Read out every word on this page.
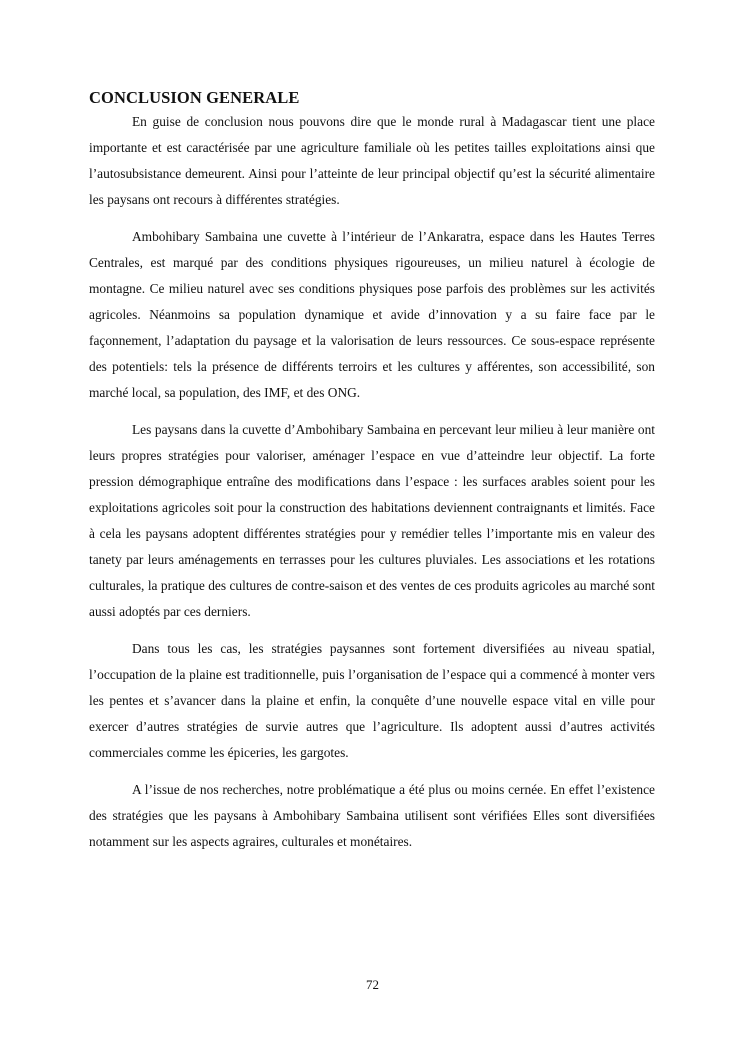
CONCLUSION GENERALE

En guise de conclusion nous pouvons dire que le monde rural à Madagascar tient une place importante et est caractérisée par une agriculture familiale où les petites tailles exploitations ainsi que l’autosubsistance demeurent. Ainsi pour l’atteinte de leur principal objectif qu’est la sécurité alimentaire les paysans ont recours à différentes stratégies.

Ambohibary Sambaina une cuvette à l’intérieur de l’Ankaratra, espace dans les Hautes Terres Centrales, est marqué par des conditions physiques rigoureuses, un milieu naturel à écologie de montagne. Ce milieu naturel avec ses conditions physiques pose parfois des problèmes sur les activités agricoles. Néanmoins sa population dynamique et avide d’innovation y a su faire face par le façonnement, l’adaptation du paysage et la valorisation de leurs ressources. Ce sous-espace représente des potentiels: tels la présence de différents terroirs et les cultures y afférentes, son accessibilité, son marché local, sa population, des IMF, et des ONG.

Les paysans dans la cuvette d’Ambohibary Sambaina en percevant leur milieu à leur manière ont leurs propres stratégies pour valoriser, aménager l’espace en vue d’atteindre leur objectif. La forte pression démographique entraîne des modifications dans l’espace : les surfaces arables soient pour les exploitations agricoles soit pour la construction des habitations deviennent contraignants et limités. Face à cela les paysans adoptent différentes stratégies pour y remédier telles l’importante mis en valeur des tanety par leurs aménagements en terrasses pour les cultures pluviales. Les associations et les rotations culturales, la pratique des cultures de contre-saison et des ventes de ces produits agricoles au marché sont aussi adoptés par ces derniers.

Dans tous les cas, les stratégies paysannes sont fortement diversifiées au niveau spatial, l’occupation de la plaine est traditionnelle, puis l’organisation de l’espace qui a commencé à monter vers les pentes et s’avancer dans la plaine et enfin, la conquête d’une nouvelle espace vital en ville pour exercer d’autres stratégies de survie autres que l’agriculture. Ils adoptent aussi d’autres activités commerciales comme les épiceries, les gargotes.

A l’issue de nos recherches, notre problématique a été plus ou moins cernée. En effet l’existence des stratégies que les paysans à Ambohibary Sambaina utilisent sont vérifiées Elles sont diversifiées notamment sur les aspects agraires, culturales et monétaires.

72
